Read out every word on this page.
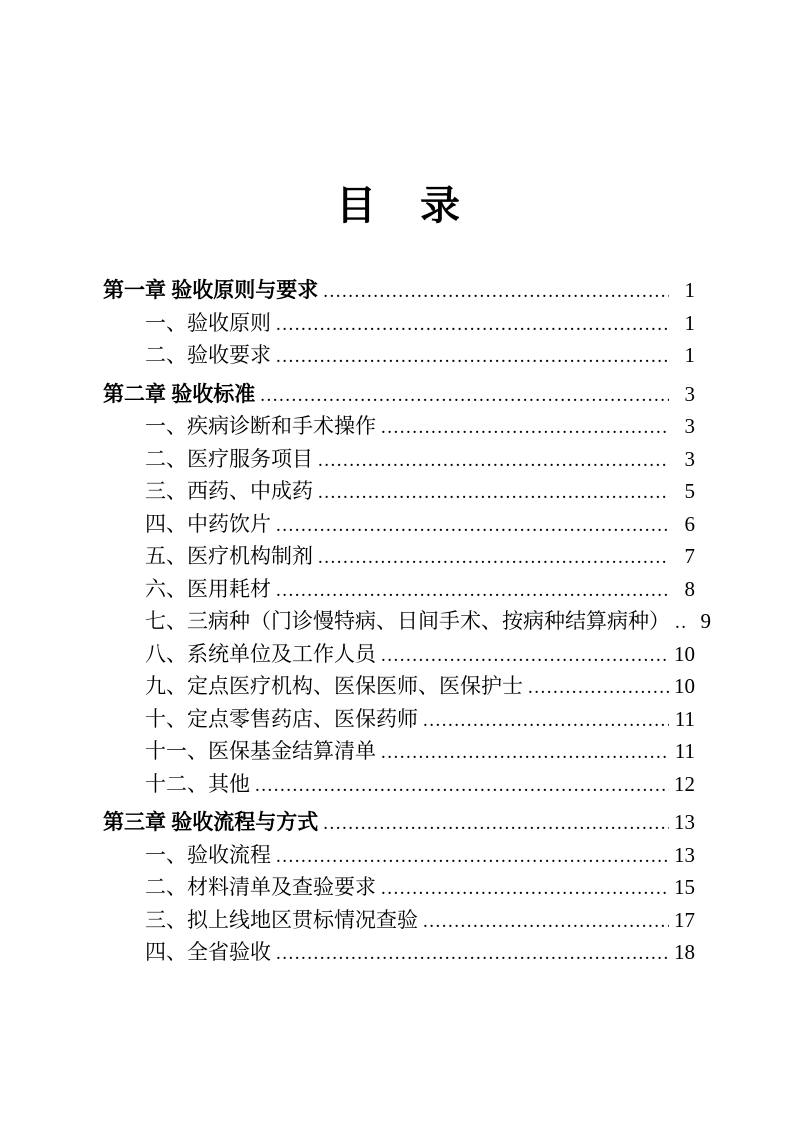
目　录
第一章 验收原则与要求 .....	1
一、验收原则 .....	1
二、验收要求 .....	1
第二章 验收标准 .....	3
一、疾病诊断和手术操作 .....	3
二、医疗服务项目 .....	3
三、西药、中成药 .....	5
四、中药饮片 .....	6
五、医疗机构制剂 .....	7
六、医用耗材 .....	8
七、三病种（门诊慢特病、日间手术、按病种结算病种） .....	9
八、系统单位及工作人员 .....	10
九、定点医疗机构、医保医师、医保护士 .....	10
十、定点零售药店、医保药师 .....	11
十一、医保基金结算清单 .....	11
十二、其他 .....	12
第三章 验收流程与方式 .....	13
一、验收流程 .....	13
二、材料清单及查验要求 .....	15
三、拟上线地区贯标情况查验 .....	17
四、全省验收 .....	18
